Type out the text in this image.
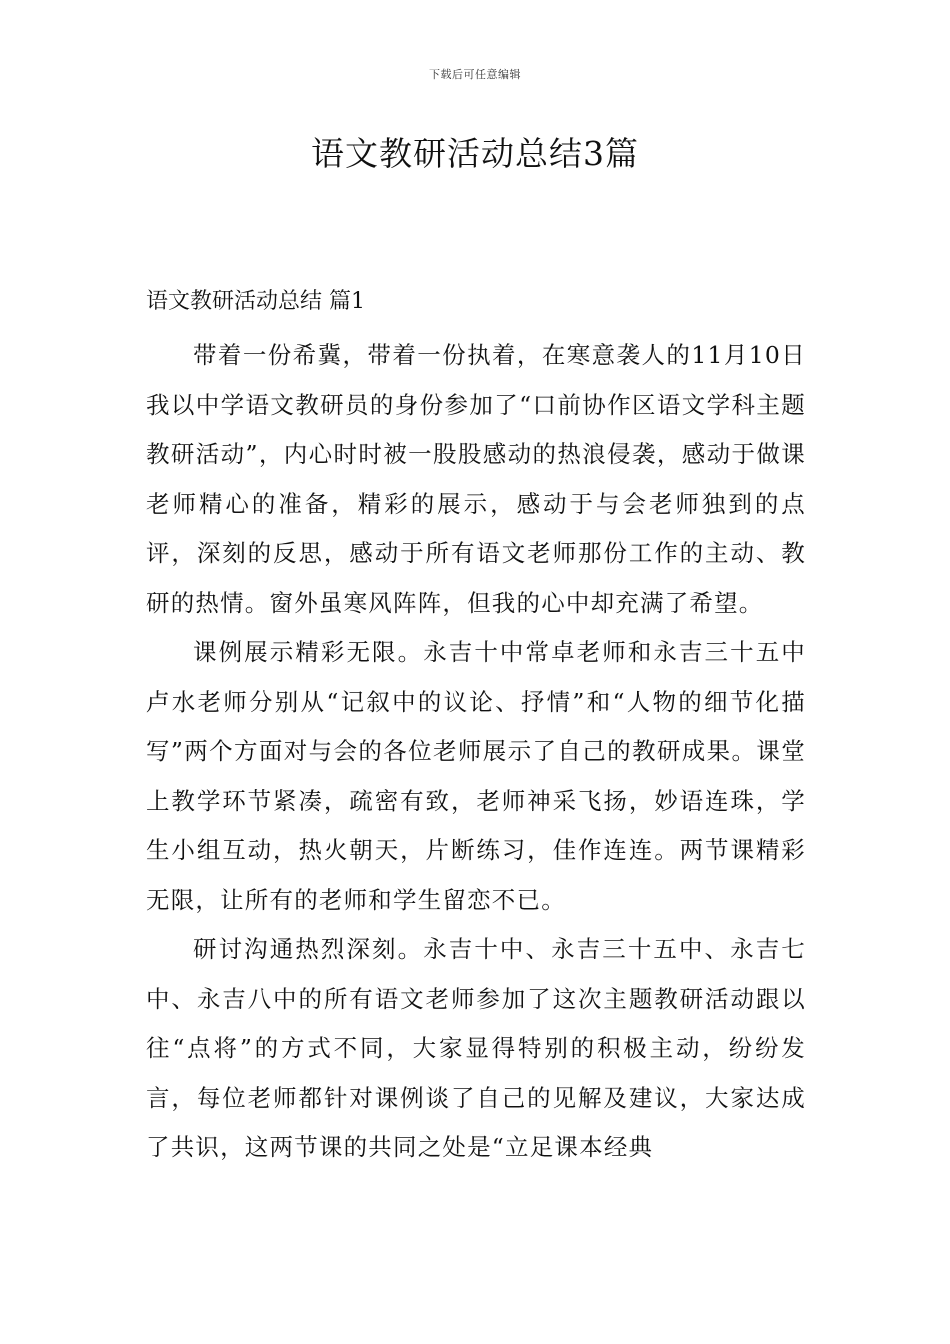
下载后可任意编辑
语文教研活动总结3篇
语文教研活动总结 篇1

带着一份希冀，带着一份执着，在寒意袭人的11月10日我以中学语文教研员的身份参加了“口前协作区语文学科主题教研活动”，内心时时被一股股感动的热浪侵袭，感动于做课老师精心的准备，精彩的展示，感动于与会老师独到的点评，深刻的反思，感动于所有语文老师那份工作的主动、教研的热情。窗外虽寒风阵阵，但我的心中却充满了希望。

课例展示精彩无限。永吉十中常卓老师和永吉三十五中卢水老师分别从“记叙中的议论、抒情”和“人物的细节化描写”两个方面对与会的各位老师展示了自己的教研成果。课堂上教学环节紧凑，疏密有致，老师神采飞扬，妙语连珠，学生小组互动，热火朝天，片断练习，佳作连连。两节课精彩无限，让所有的老师和学生留恋不已。

研讨沟通热烈深刻。永吉十中、永吉三十五中、永吉七中、永吉八中的所有语文老师参加了这次主题教研活动跟以往“点将”的方式不同，大家显得特别的积极主动，纷纷发言，每位老师都针对课例谈了自己的见解及建议，大家达成了共识，这两节课的共同之处是“立足课本经典
